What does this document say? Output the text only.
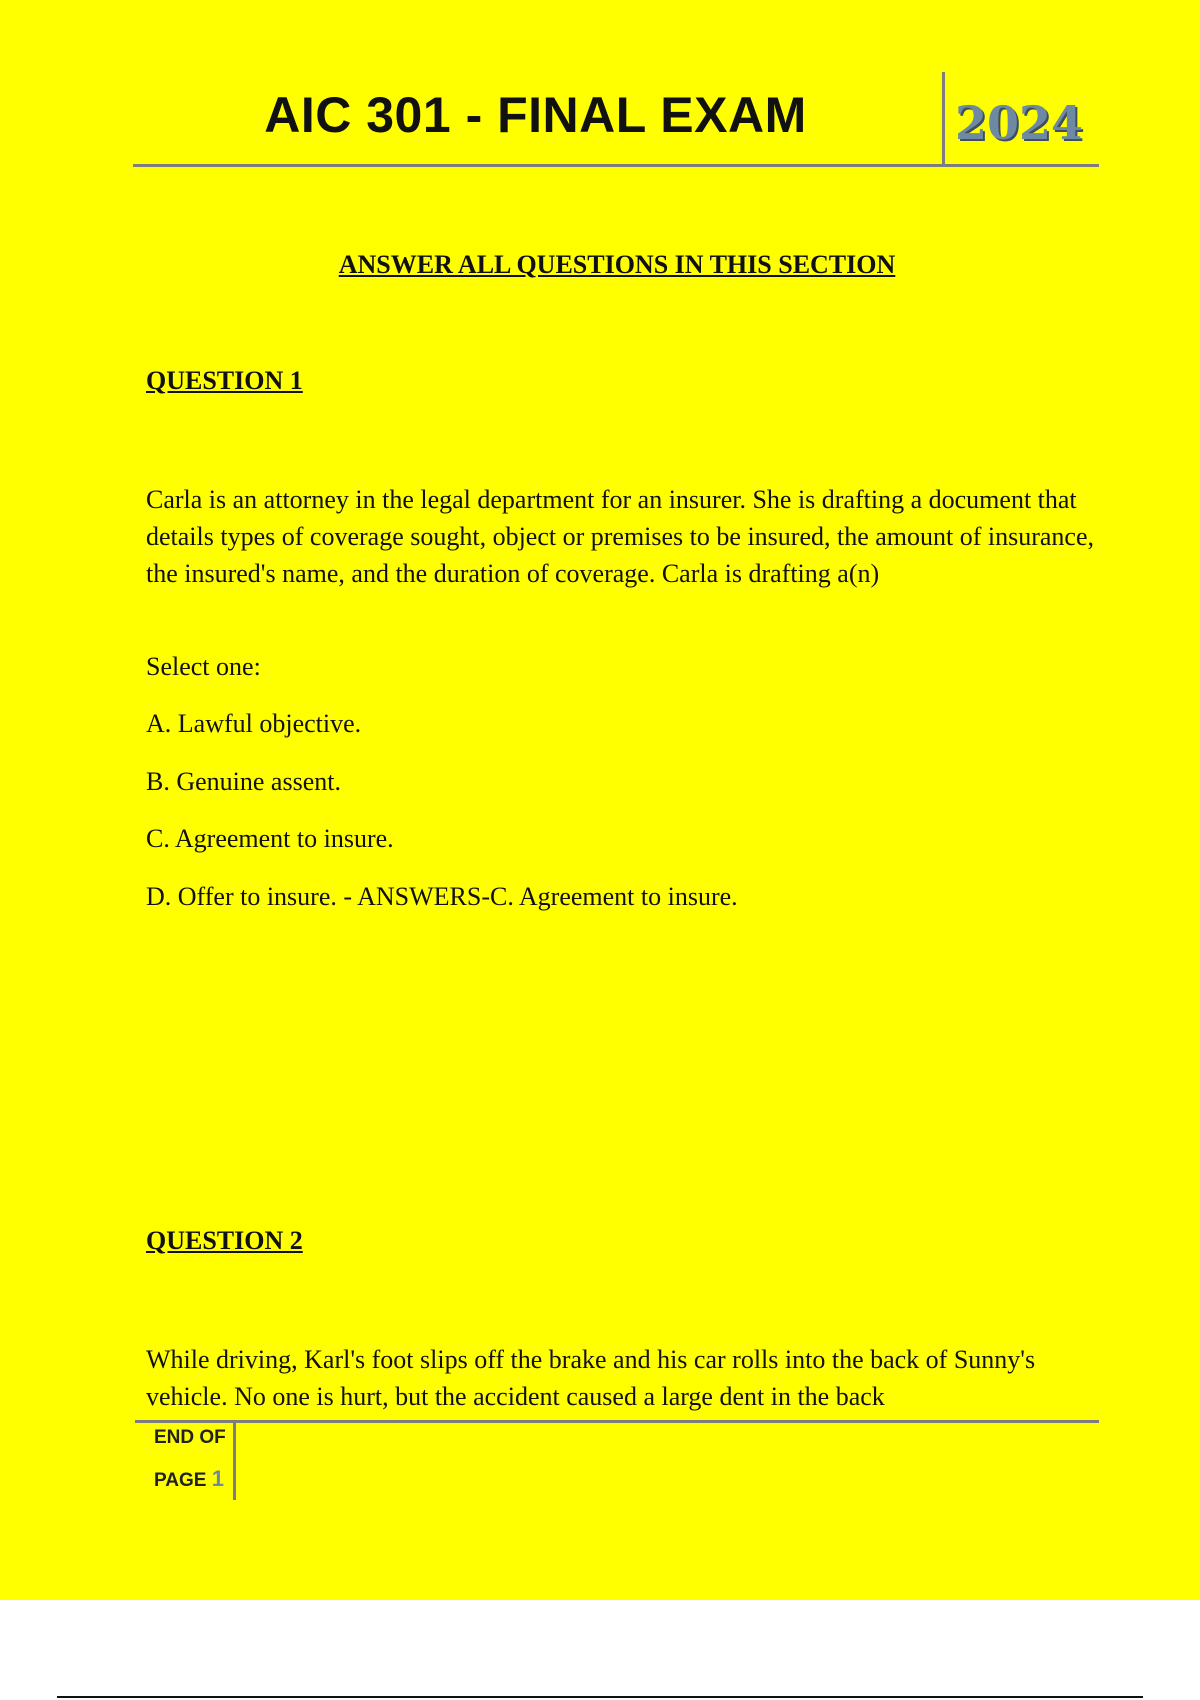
AIC 301 - FINAL EXAM	2024
ANSWER ALL QUESTIONS IN THIS SECTION
QUESTION 1
Carla is an attorney in the legal department for an insurer. She is drafting a document that details types of coverage sought, object or premises to be insured, the amount of insurance, the insured's name, and the duration of coverage. Carla is drafting a(n)
Select one:
A. Lawful objective.
B. Genuine assent.
C. Agreement to insure.
D. Offer to insure. - ANSWERS-C. Agreement to insure.
QUESTION 2
While driving, Karl's foot slips off the brake and his car rolls into the back of Sunny's vehicle. No one is hurt, but the accident caused a large dent in the back
END OF
PAGE 1
